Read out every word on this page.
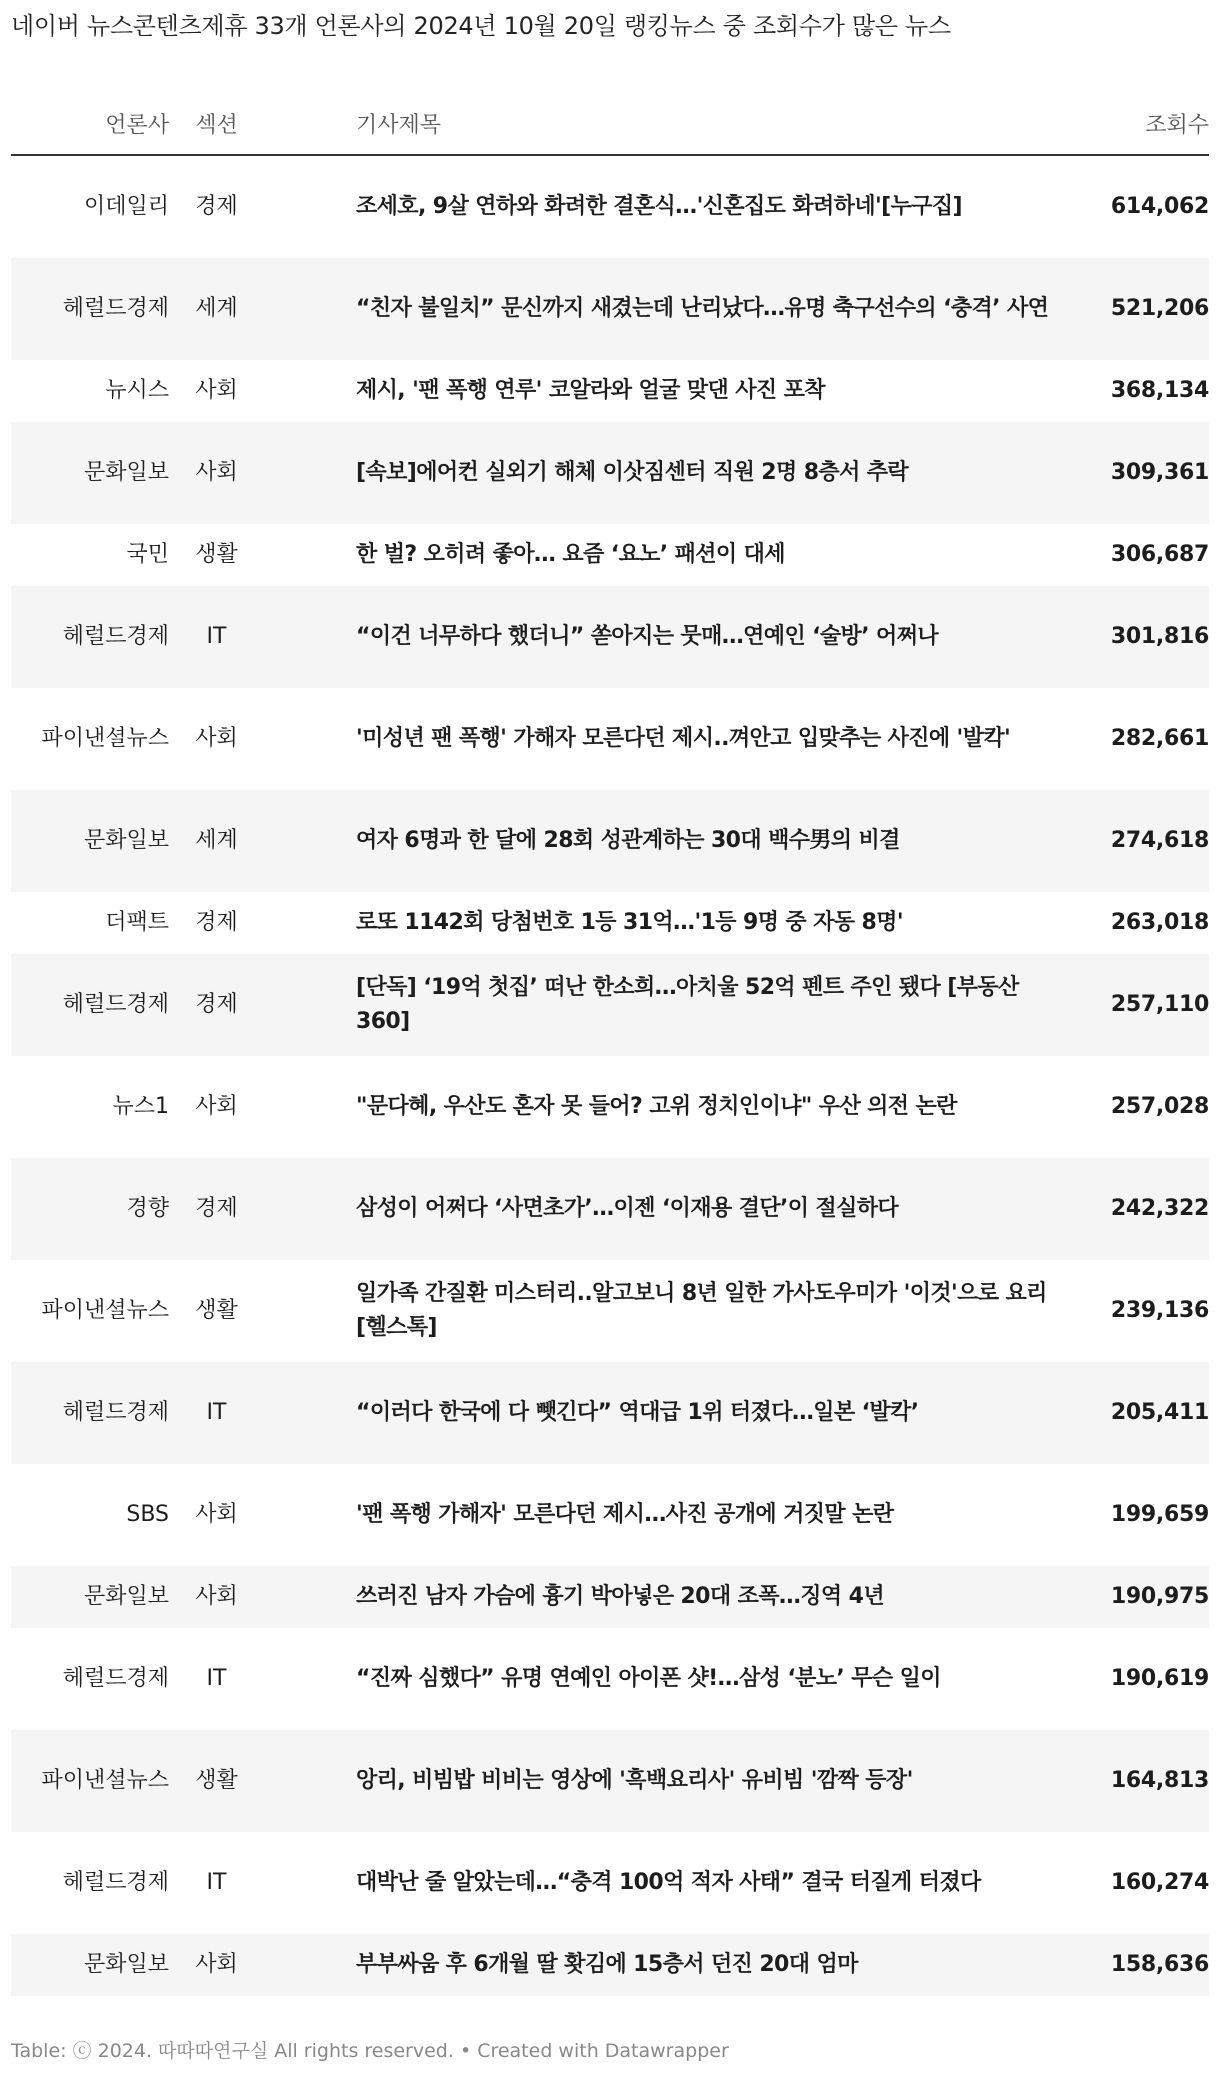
네이버 뉴스콘텐츠제휴 33개 언론사의 2024년 10월 20일 랭킹뉴스 중 조회수가 많은 뉴스
언론사	섹션		기사제목	조회수
이데일리	경제		조세호, 9살 연하와 화려한 결혼식…'신혼집도 화려하네'[누구집]	614,062
헤럴드경제	세계		“친자 불일치” 문신까지 새겼는데 난리났다…유명 축구선수의 ‘충격’ 사연	521,206
뉴시스	사회		제시, '팬 폭행 연루' 코알라와 얼굴 맞댄 사진 포착	368,134
문화일보	사회		[속보]에어컨 실외기 해체 이삿짐센터 직원 2명 8층서 추락	309,361
국민	생활		한 벌? 오히려 좋아… 요즘 ‘요노’ 패션이 대세	306,687
헤럴드경제	IT		“이건 너무하다 했더니” 쏟아지는 뭇매…연예인 ‘술방’ 어쩌나	301,816
파이낸셜뉴스	사회		'미성년 팬 폭행' 가해자 모른다던 제시..껴안고 입맞추는 사진에 '발칵'	282,661
문화일보	세계		여자 6명과 한 달에 28회 성관계하는 30대 백수男의 비결	274,618
더팩트	경제		로또 1142회 당첨번호 1등 31억…'1등 9명 중 자동 8명'	263,018
헤럴드경제	경제		[단독] ‘19억 첫집’ 떠난 한소희…아치울 52억 펜트 주인 됐다 [부동산360]	257,110
뉴스1	사회		"문다혜, 우산도 혼자 못 들어? 고위 정치인이냐" 우산 의전 논란	257,028
경향	경제		삼성이 어쩌다 ‘사면초가’…이젠 ‘이재용 결단’이 절실하다	242,322
파이낸셜뉴스	생활		일가족 간질환 미스터리..알고보니 8년 일한 가사도우미가 '이것'으로 요리 [헬스톡]	239,136
헤럴드경제	IT		“이러다 한국에 다 뺏긴다” 역대급 1위 터졌다…일본 ‘발칵’	205,411
SBS	사회		'팬 폭행 가해자' 모른다던 제시…사진 공개에 거짓말 논란	199,659
문화일보	사회		쓰러진 남자 가슴에 흉기 박아넣은 20대 조폭…징역 4년	190,975
헤럴드경제	IT		“진짜 심했다” 유명 연예인 아이폰 샷!…삼성 ‘분노’ 무슨 일이	190,619
파이낸셜뉴스	생활		앙리, 비빔밥 비비는 영상에 '흑백요리사' 유비빔 '깜짝 등장'	164,813
헤럴드경제	IT		대박난 줄 알았는데…“충격 100억 적자 사태” 결국 터질게 터졌다	160,274
문화일보	사회		부부싸움 후 6개월 딸 홧김에 15층서 던진 20대 엄마	158,636
Table: ⓒ 2024. 따따따연구실 All rights reserved. • Created with Datawrapper
